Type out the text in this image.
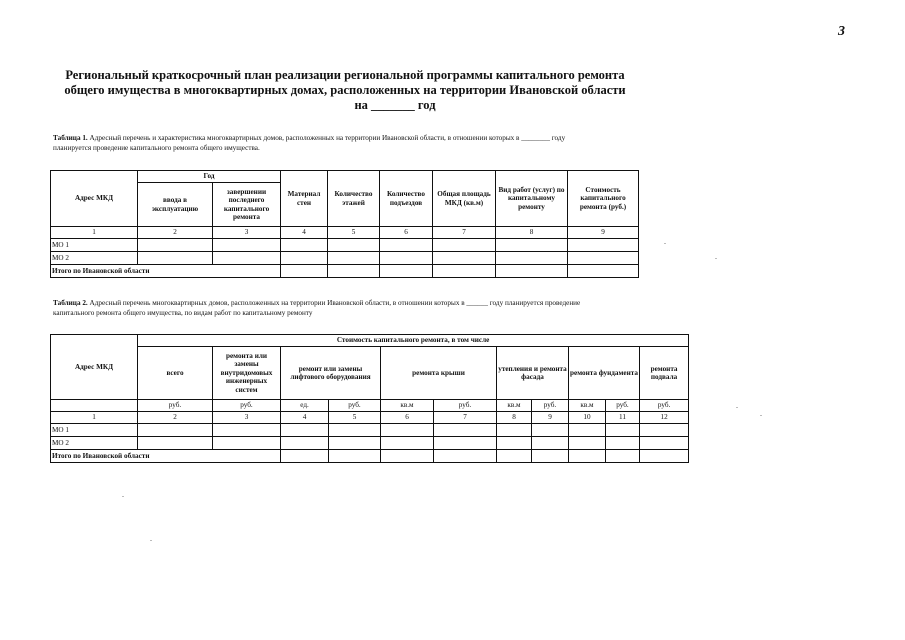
3
Региональный краткосрочный план реализации региональной программы капитального ремонта
общего имущества в многоквартирных домах, расположенных на территории Ивановской области
на _______ год
Таблица 1. Адресный перечень и характеристика многоквартирных домов, расположенных на территории Ивановской области, в отношении которых в ________ году
планируется проведение капитального ремонта общего имущества.
Адрес МКД	Год		Материал стен	Количество этажей	Количество подъездов	Общая площадь МКД (кв.м)	Вид работ (услуг) по капитальному ремонту	Стоимость капитального ремонта (руб.)
	ввода в эксплуатацию	завершении последнего капитального ремонта						
1	2	3	4	5	6	7	8	9
МО 1								
МО 2								
Итого по Ивановской области								
Таблица 2. Адресный перечень многоквартирных домов, расположенных на территории Ивановской области, в отношении которых в ______ году планируется проведение
капитального ремонта общего имущества, по видам работ по капитальному ремонту
Адрес МКД	Стоимость капитального ремонта, в том числе										
	всего	ремонта или замены внутридомовых инженерных систем	ремонт или замены лифтового оборудования		ремонта крыши		утепления и ремонта фасада		ремонта фундамента		ремонта подвала
	руб.	руб.	ед.	руб.	кв.м	руб.	кв.м	руб.	кв.м	руб.	руб.
1	2	3	4	5	6	7	8	9	10	11	12
МО 1											
МО 2											
Итого по Ивановской области											
